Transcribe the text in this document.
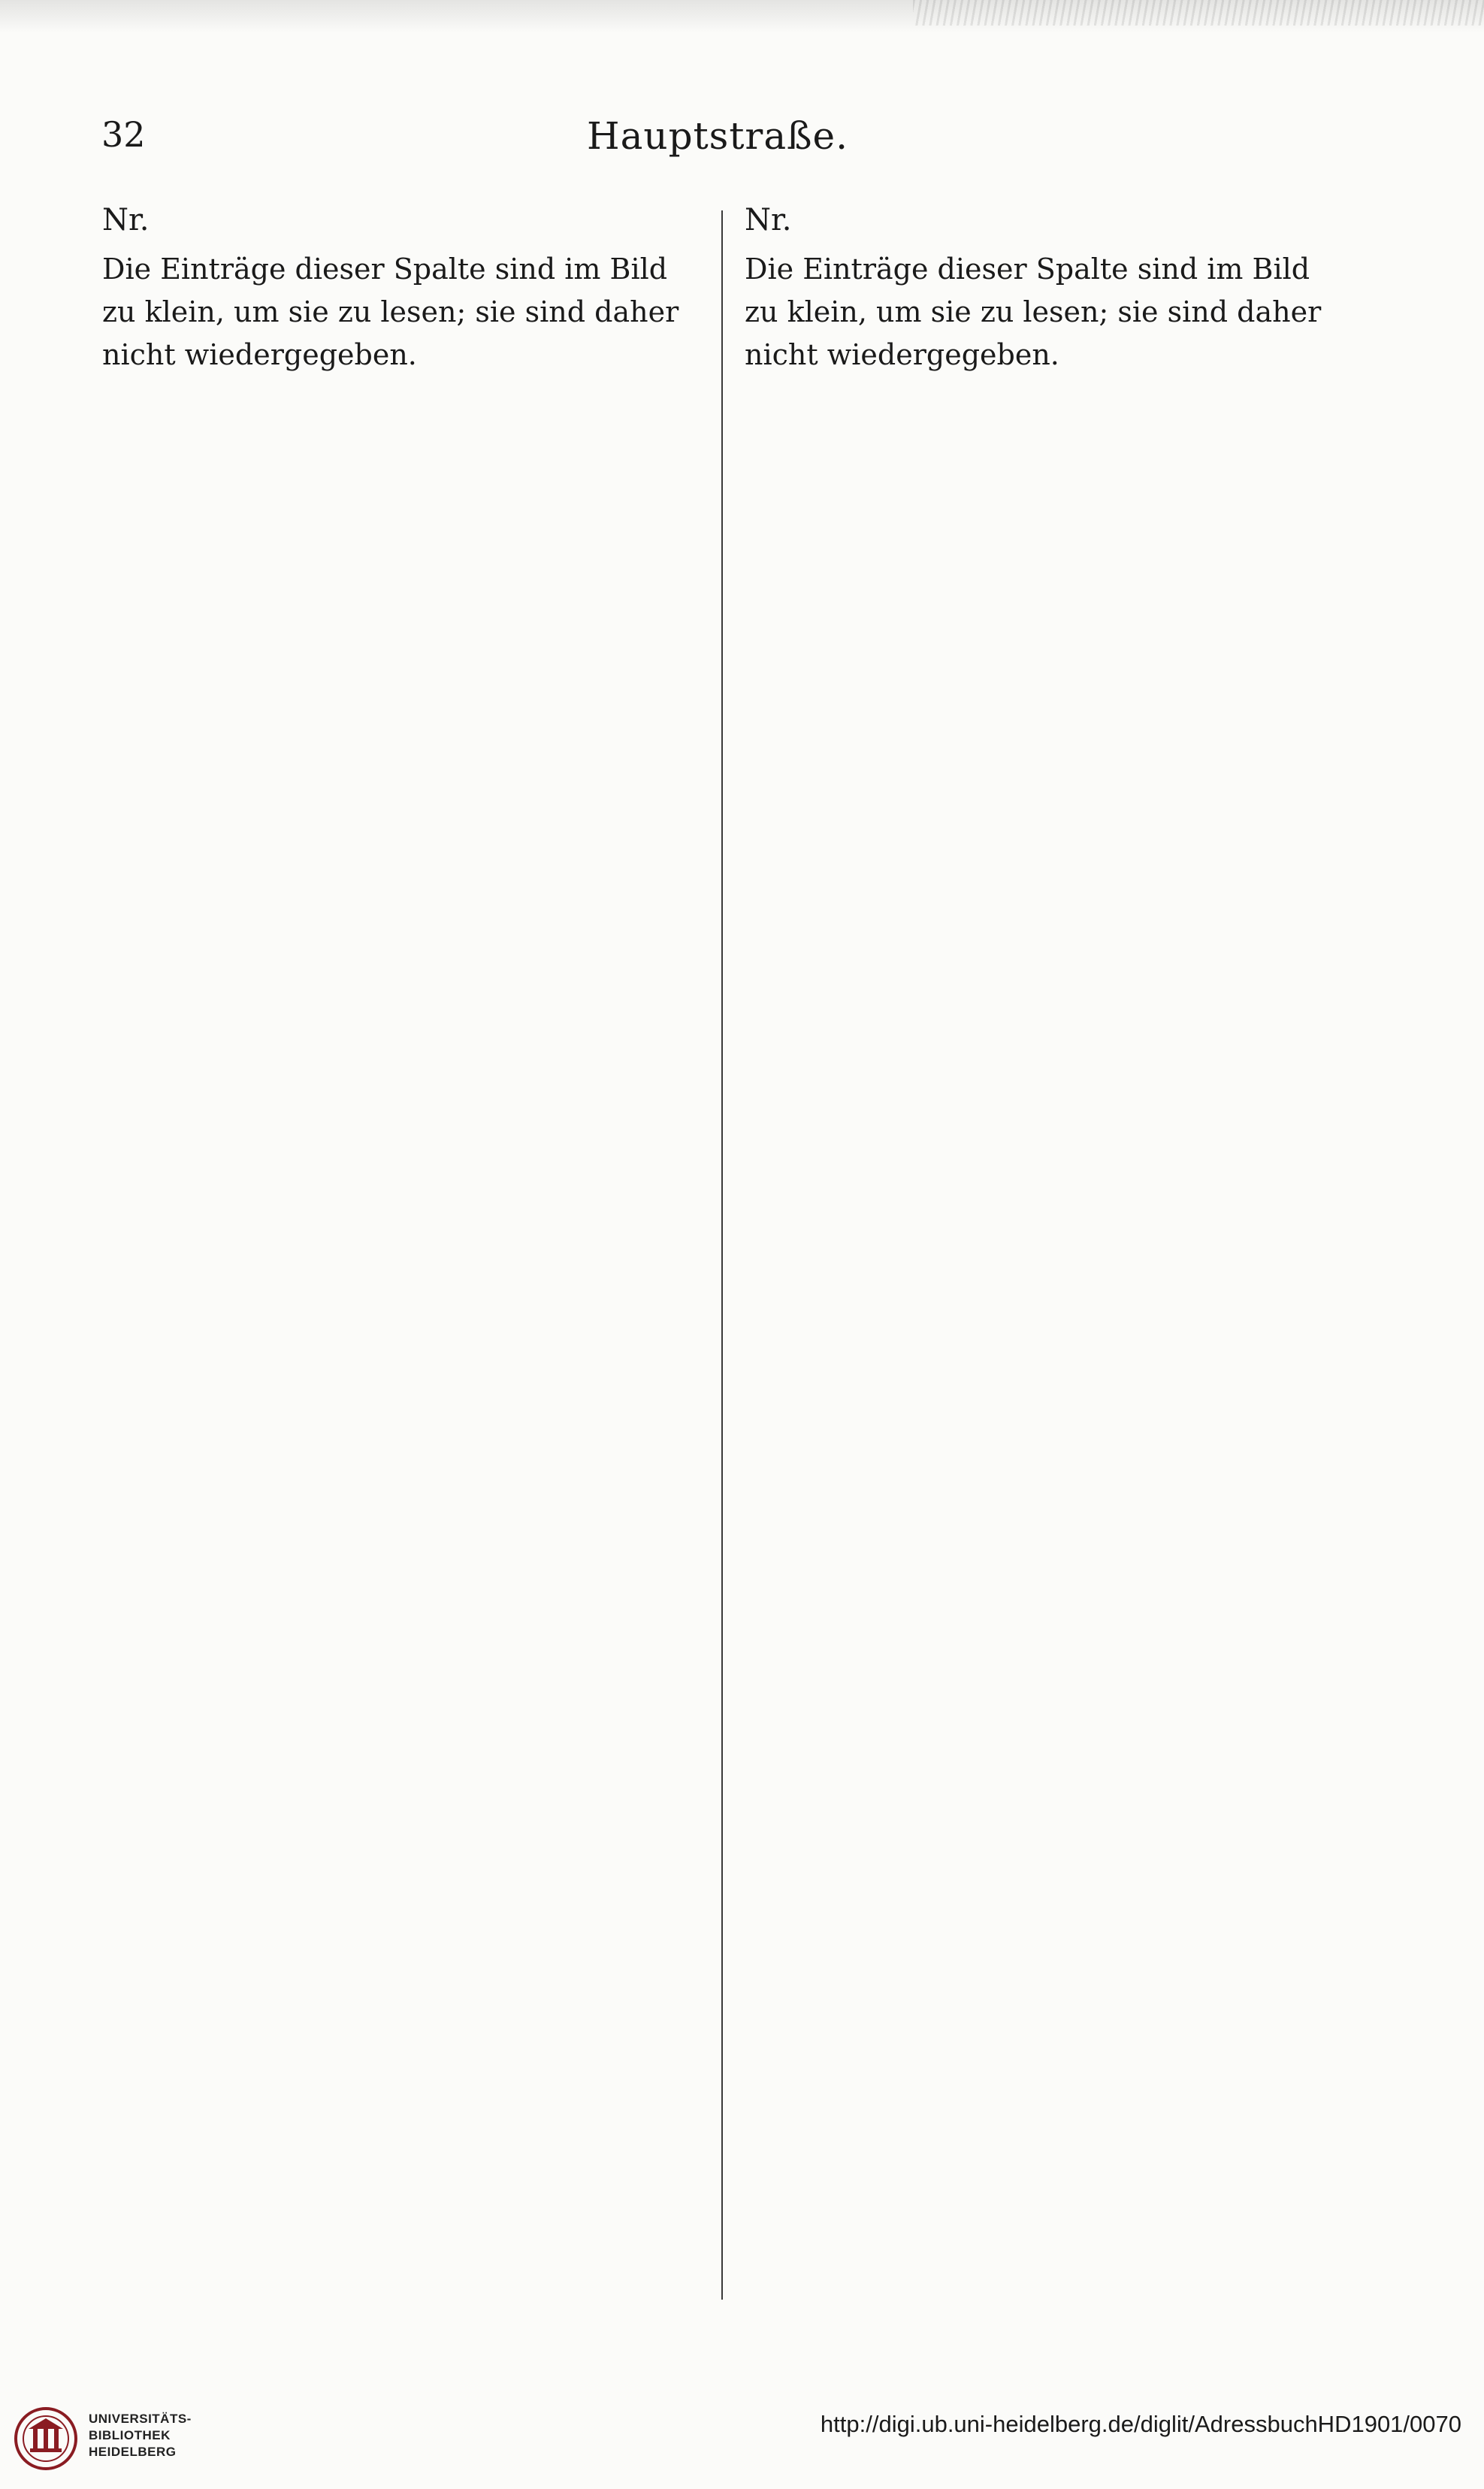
32	Hauptstraße.
Nr.

Die Einträge dieser Spalte sind im Bild zu klein, um sie zu lesen; sie sind daher nicht wiedergegeben.

Nr.

Die Einträge dieser Spalte sind im Bild zu klein, um sie zu lesen; sie sind daher nicht wiedergegeben.

UNIVERSITÄTS-
BIBLIOTHEK
HEIDELBERG
http://digi.ub.uni-heidelberg.de/diglit/AdressbuchHD1901/0070
